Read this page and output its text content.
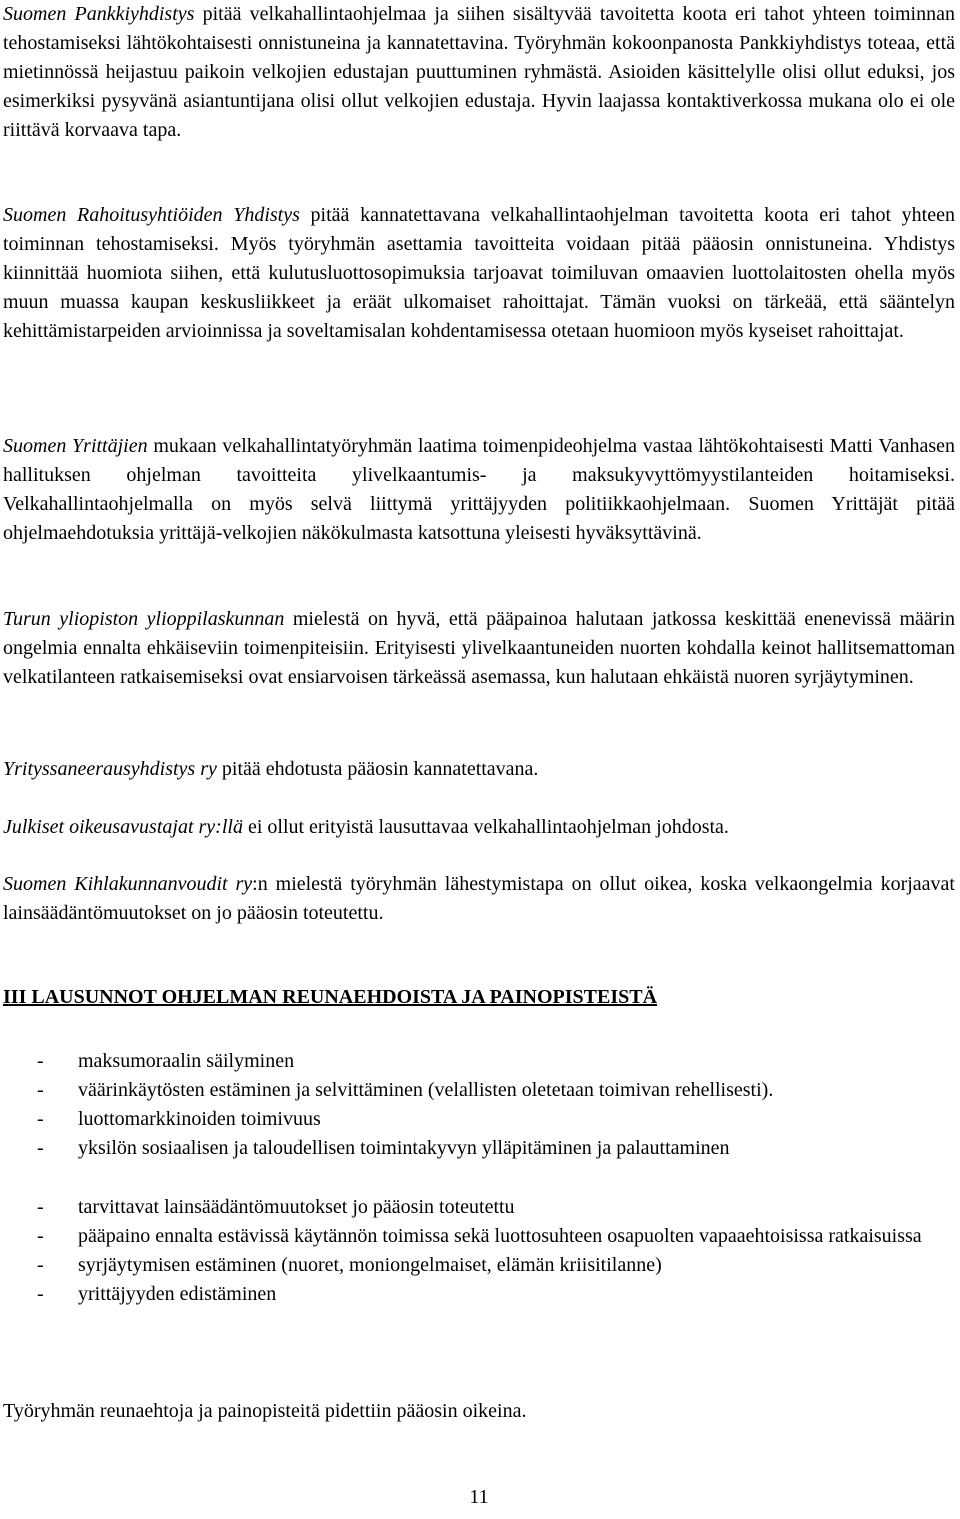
Suomen Pankkiyhdistys pitää velkahallintaohjelmaa ja siihen sisältyvää tavoitetta koota eri tahot yhteen toiminnan tehostamiseksi lähtökohtaisesti onnistuneina ja kannatettavina. Työryhmän kokoonpanosta Pankkiyhdistys toteaa, että mietinnössä heijastuu paikoin velkojien edustajan puuttuminen ryhmästä. Asioiden käsittelylle olisi ollut eduksi, jos esimerkiksi pysyvänä asiantuntijana olisi ollut velkojien edustaja. Hyvin laajassa kontaktiverkossa mukana olo ei ole riittävä korvaava tapa.

Suomen Rahoitusyhtiöiden Yhdistys pitää kannatettavana velkahallintaohjelman tavoitetta koota eri tahot yhteen toiminnan tehostamiseksi. Myös työryhmän asettamia tavoitteita voidaan pitää pääosin onnistuneina. Yhdistys kiinnittää huomiota siihen, että kulutusluottosopimuksia tarjoavat toimiluvan omaavien luottolaitosten ohella myös muun muassa kaupan keskusliikkeet ja eräät ulkomaiset rahoittajat. Tämän vuoksi on tärkeää, että sääntelyn kehittämistarpeiden arvioinnissa ja soveltamisalan kohdentamisessa otetaan huomioon myös kyseiset rahoittajat.

Suomen Yrittäjien mukaan velkahallintatyöryhmän laatima toimenpideohjelma vastaa lähtökohtaisesti Matti Vanhasen hallituksen ohjelman tavoitteita ylivelkaantumis- ja maksukyvyttömyystilanteiden hoitamiseksi. Velkahallintaohjelmalla on myös selvä liittymä yrittäjyyden politiikkaohjelmaan. Suomen Yrittäjät pitää ohjelmaehdotuksia yrittäjä-velkojien näkökulmasta katsottuna yleisesti hyväksyttävinä.

Turun yliopiston ylioppilaskunnan mielestä on hyvä, että pääpainoa halutaan jatkossa keskittää enenevissä määrin ongelmia ennalta ehkäiseviin toimenpiteisiin. Erityisesti ylivelkaantuneiden nuorten kohdalla keinot hallitsemattoman velkatilanteen ratkaisemiseksi ovat ensiarvoisen tärkeässä asemassa, kun halutaan ehkäistä nuoren syrjäytyminen.

Yrityssaneerausyhdistys ry pitää ehdotusta pääosin kannatettavana.

Julkiset oikeusavustajat ry:llä ei ollut erityistä lausuttavaa velkahallintaohjelman johdosta.

Suomen Kihlakunnanvoudit ry:n mielestä työryhmän lähestymistapa on ollut oikea, koska velkaongelmia korjaavat lainsäädäntömuutokset on jo pääosin toteutettu.

III LAUSUNNOT OHJELMAN REUNAEHDOISTA JA PAINOPISTEISTÄ
- maksumoraalin säilyminen
- väärinkäytösten estäminen ja selvittäminen (velallisten oletetaan toimivan rehellisesti).
- luottomarkkinoiden toimivuus
- yksilön sosiaalisen ja taloudellisen toimintakyvyn ylläpitäminen ja palauttaminen
- tarvittavat lainsäädäntömuutokset jo pääosin toteutettu
- pääpaino ennalta estävissä käytännön toimissa sekä luottosuhteen osapuolten vapaaehtoisissa ratkaisuissa
- syrjäytymisen estäminen (nuoret, moniongelmaiset, elämän kriisitilanne)
- yrittäjyyden edistäminen

Työryhmän reunaehtoja ja painopisteitä pidettiin pääosin oikeina.

11
